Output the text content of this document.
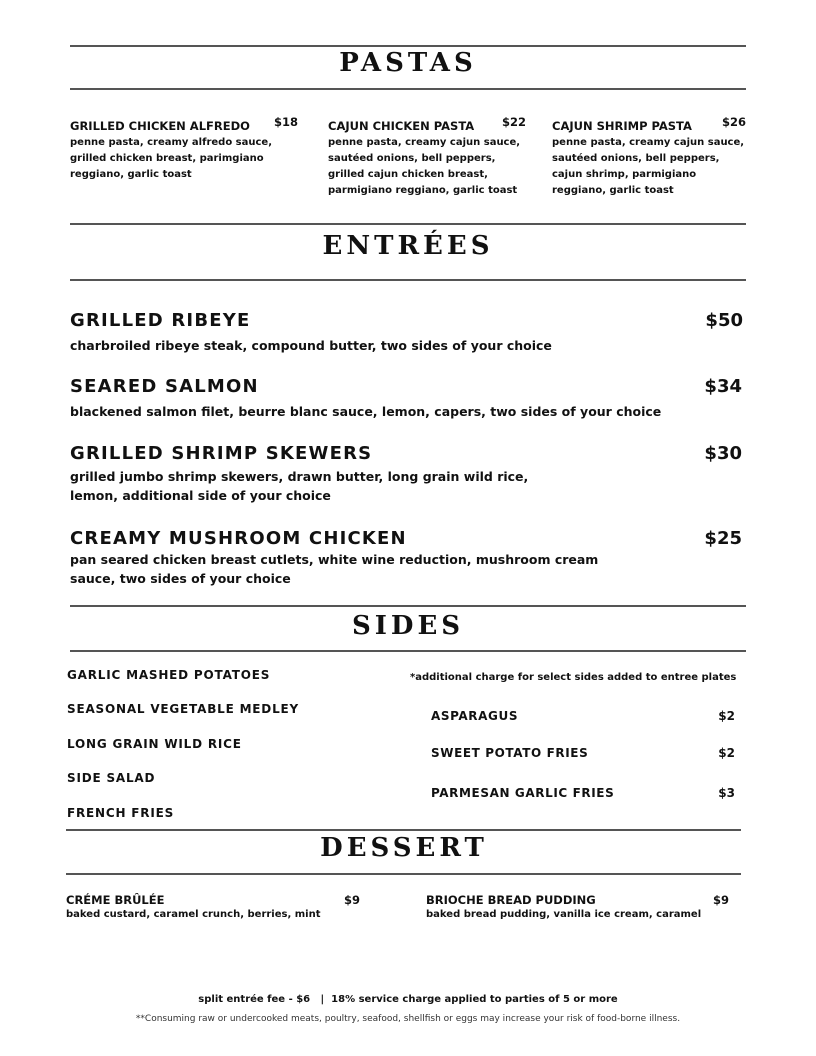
PASTAS
GRILLED CHICKEN ALFREDO $18
penne pasta, creamy alfredo sauce, grilled chicken breast, parimgiano reggiano, garlic toast
CAJUN CHICKEN PASTA $22
penne pasta, creamy cajun sauce, sautéed onions, bell peppers, grilled cajun chicken breast, parmigiano reggiano, garlic toast
CAJUN SHRIMP PASTA	$26
penne pasta, creamy cajun sauce, sautéed onions, bell peppers, cajun shrimp, parmigiano reggiano, garlic toast
ENTRÉES
GRILLED RIBEYE	$50
charbroiled ribeye steak, compound butter, two sides of your choice
SEARED SALMON	$34
blackened salmon filet, beurre blanc sauce, lemon, capers, two sides of your choice
GRILLED SHRIMP SKEWERS	$30
grilled jumbo shrimp skewers, drawn butter, long grain wild rice, lemon, additional side of your choice
CREAMY MUSHROOM CHICKEN	$25
pan seared chicken breast cutlets, white wine reduction, mushroom cream sauce, two sides of your choice
SIDES
GARLIC MASHED POTATOES
SEASONAL VEGETABLE MEDLEY
LONG GRAIN WILD RICE
SIDE SALAD
FRENCH FRIES
*additional charge for select sides added to entree plates
ASPARAGUS	$2
SWEET POTATO FRIES	$2
PARMESAN GARLIC FRIES	$3
DESSERT
CRÉME BRÛLÉE	$9
baked custard, caramel crunch, berries, mint
BRIOCHE BREAD PUDDING	$9
baked bread pudding, vanilla ice cream, caramel
split entrée fee - $6   |  18% service charge applied to parties of 5 or more
**Consuming raw or undercooked meats, poultry, seafood, shellfish or eggs may increase your risk of food-borne illness.
